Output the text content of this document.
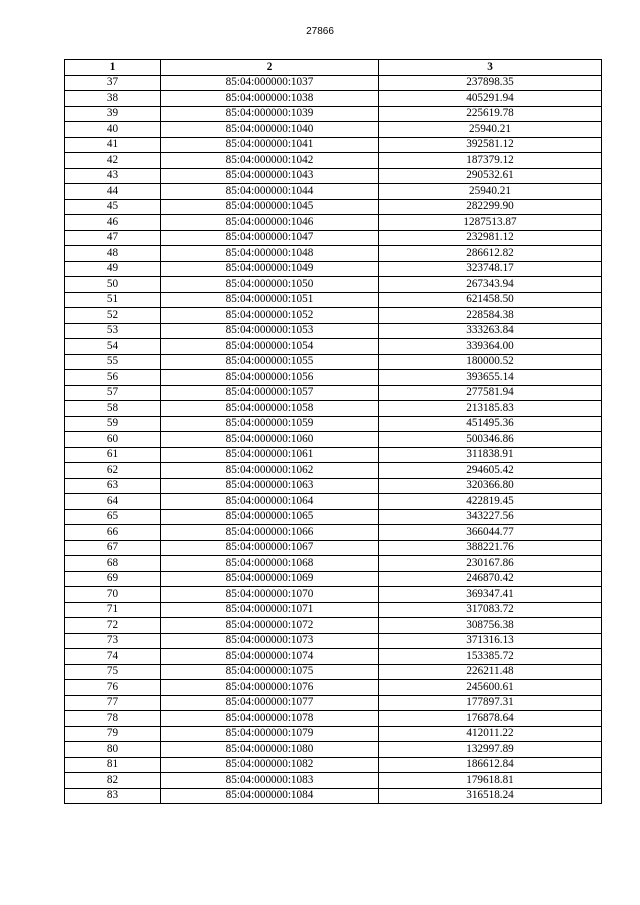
27866
1	2	3
37	85:04:000000:1037	237898.35
38	85:04:000000:1038	405291.94
39	85:04:000000:1039	225619.78
40	85:04:000000:1040	25940.21
41	85:04:000000:1041	392581.12
42	85:04:000000:1042	187379.12
43	85:04:000000:1043	290532.61
44	85:04:000000:1044	25940.21
45	85:04:000000:1045	282299.90
46	85:04:000000:1046	1287513.87
47	85:04:000000:1047	232981.12
48	85:04:000000:1048	286612.82
49	85:04:000000:1049	323748.17
50	85:04:000000:1050	267343.94
51	85:04:000000:1051	621458.50
52	85:04:000000:1052	228584.38
53	85:04:000000:1053	333263.84
54	85:04:000000:1054	339364.00
55	85:04:000000:1055	180000.52
56	85:04:000000:1056	393655.14
57	85:04:000000:1057	277581.94
58	85:04:000000:1058	213185.83
59	85:04:000000:1059	451495.36
60	85:04:000000:1060	500346.86
61	85:04:000000:1061	311838.91
62	85:04:000000:1062	294605.42
63	85:04:000000:1063	320366.80
64	85:04:000000:1064	422819.45
65	85:04:000000:1065	343227.56
66	85:04:000000:1066	366044.77
67	85:04:000000:1067	388221.76
68	85:04:000000:1068	230167.86
69	85:04:000000:1069	246870.42
70	85:04:000000:1070	369347.41
71	85:04:000000:1071	317083.72
72	85:04:000000:1072	308756.38
73	85:04:000000:1073	371316.13
74	85:04:000000:1074	153385.72
75	85:04:000000:1075	226211.48
76	85:04:000000:1076	245600.61
77	85:04:000000:1077	177897.31
78	85:04:000000:1078	176878.64
79	85:04:000000:1079	412011.22
80	85:04:000000:1080	132997.89
81	85:04:000000:1082	186612.84
82	85:04:000000:1083	179618.81
83	85:04:000000:1084	316518.24
